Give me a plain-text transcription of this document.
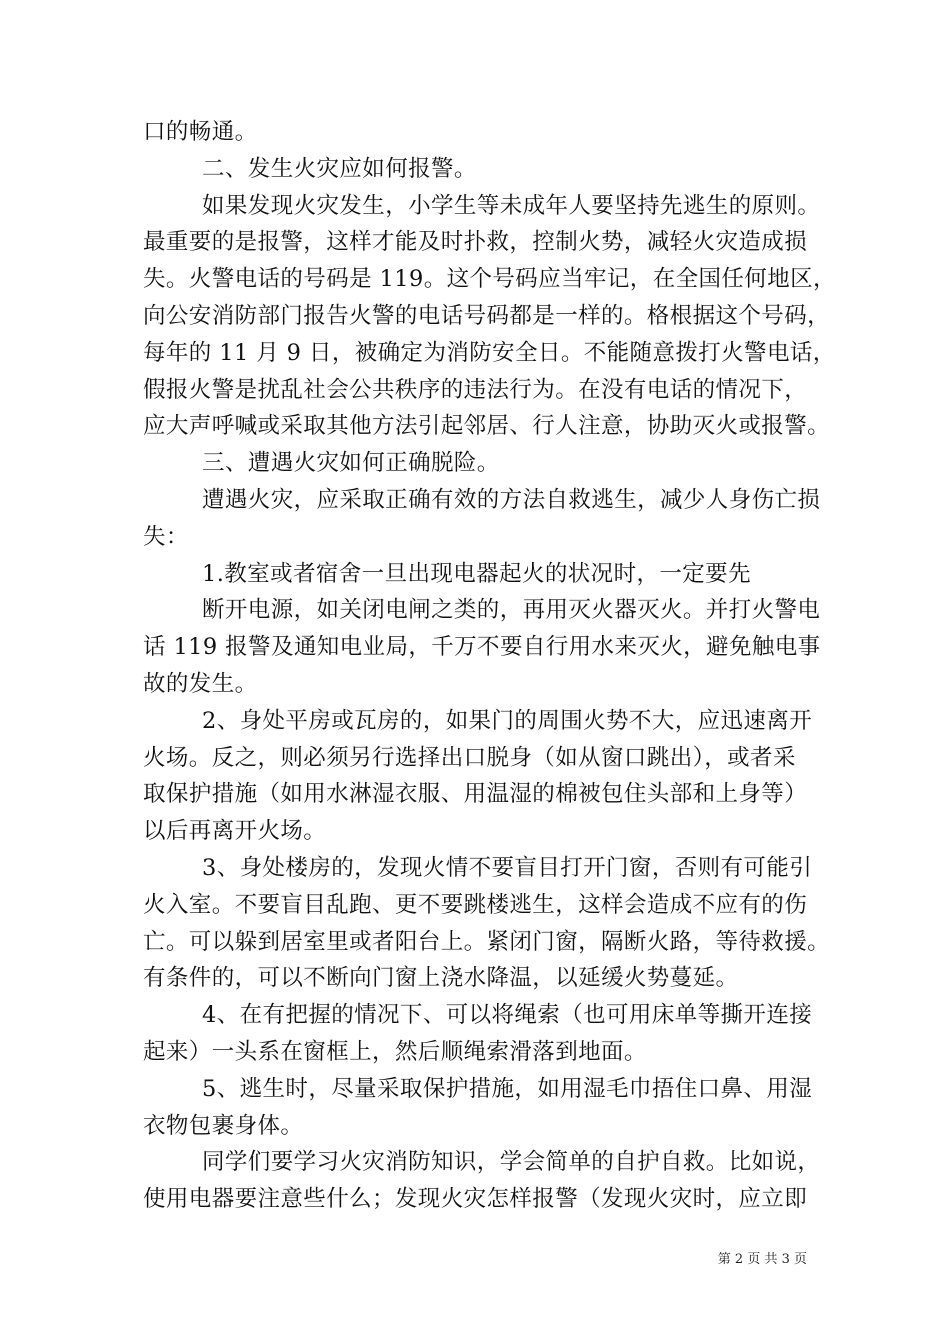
口的畅通。
二、发生火灾应如何报警。
如果发现火灾发生，小学生等未成年人要坚持先逃生的原则。
最重要的是报警，这样才能及时扑救，控制火势，减轻火灾造成损
失。火警电话的号码是 119。这个号码应当牢记，在全国任何地区，
向公安消防部门报告火警的电话号码都是一样的。格根据这个号码，
每年的 11 月 9 日，被确定为消防安全日。不能随意拨打火警电话，
假报火警是扰乱社会公共秩序的违法行为。在没有电话的情况下，
应大声呼喊或采取其他方法引起邻居、行人注意，协助灭火或报警。
三、遭遇火灾如何正确脱险。
遭遇火灾，应采取正确有效的方法自救逃生，减少人身伤亡损
失：
1.教室或者宿舍一旦出现电器起火的状况时，一定要先
断开电源，如关闭电闸之类的，再用灭火器灭火。并打火警电
话 119 报警及通知电业局，千万不要自行用水来灭火，避免触电事
故的发生。
2、身处平房或瓦房的，如果门的周围火势不大，应迅速离开
火场。反之，则必须另行选择出口脱身（如从窗口跳出），或者采
取保护措施（如用水淋湿衣服、用温湿的棉被包住头部和上身等）
以后再离开火场。
3、身处楼房的，发现火情不要盲目打开门窗，否则有可能引
火入室。不要盲目乱跑、更不要跳楼逃生，这样会造成不应有的伤
亡。可以躲到居室里或者阳台上。紧闭门窗，隔断火路，等待救援。
有条件的，可以不断向门窗上浇水降温，以延缓火势蔓延。
4、在有把握的情况下、可以将绳索（也可用床单等撕开连接
起来）一头系在窗框上，然后顺绳索滑落到地面。
5、逃生时，尽量采取保护措施，如用湿毛巾捂住口鼻、用湿
衣物包裹身体。
同学们要学习火灾消防知识，学会简单的自护自救。比如说，
使用电器要注意些什么；发现火灾怎样报警（发现火灾时，应立即
第 2 页 共 3 页
